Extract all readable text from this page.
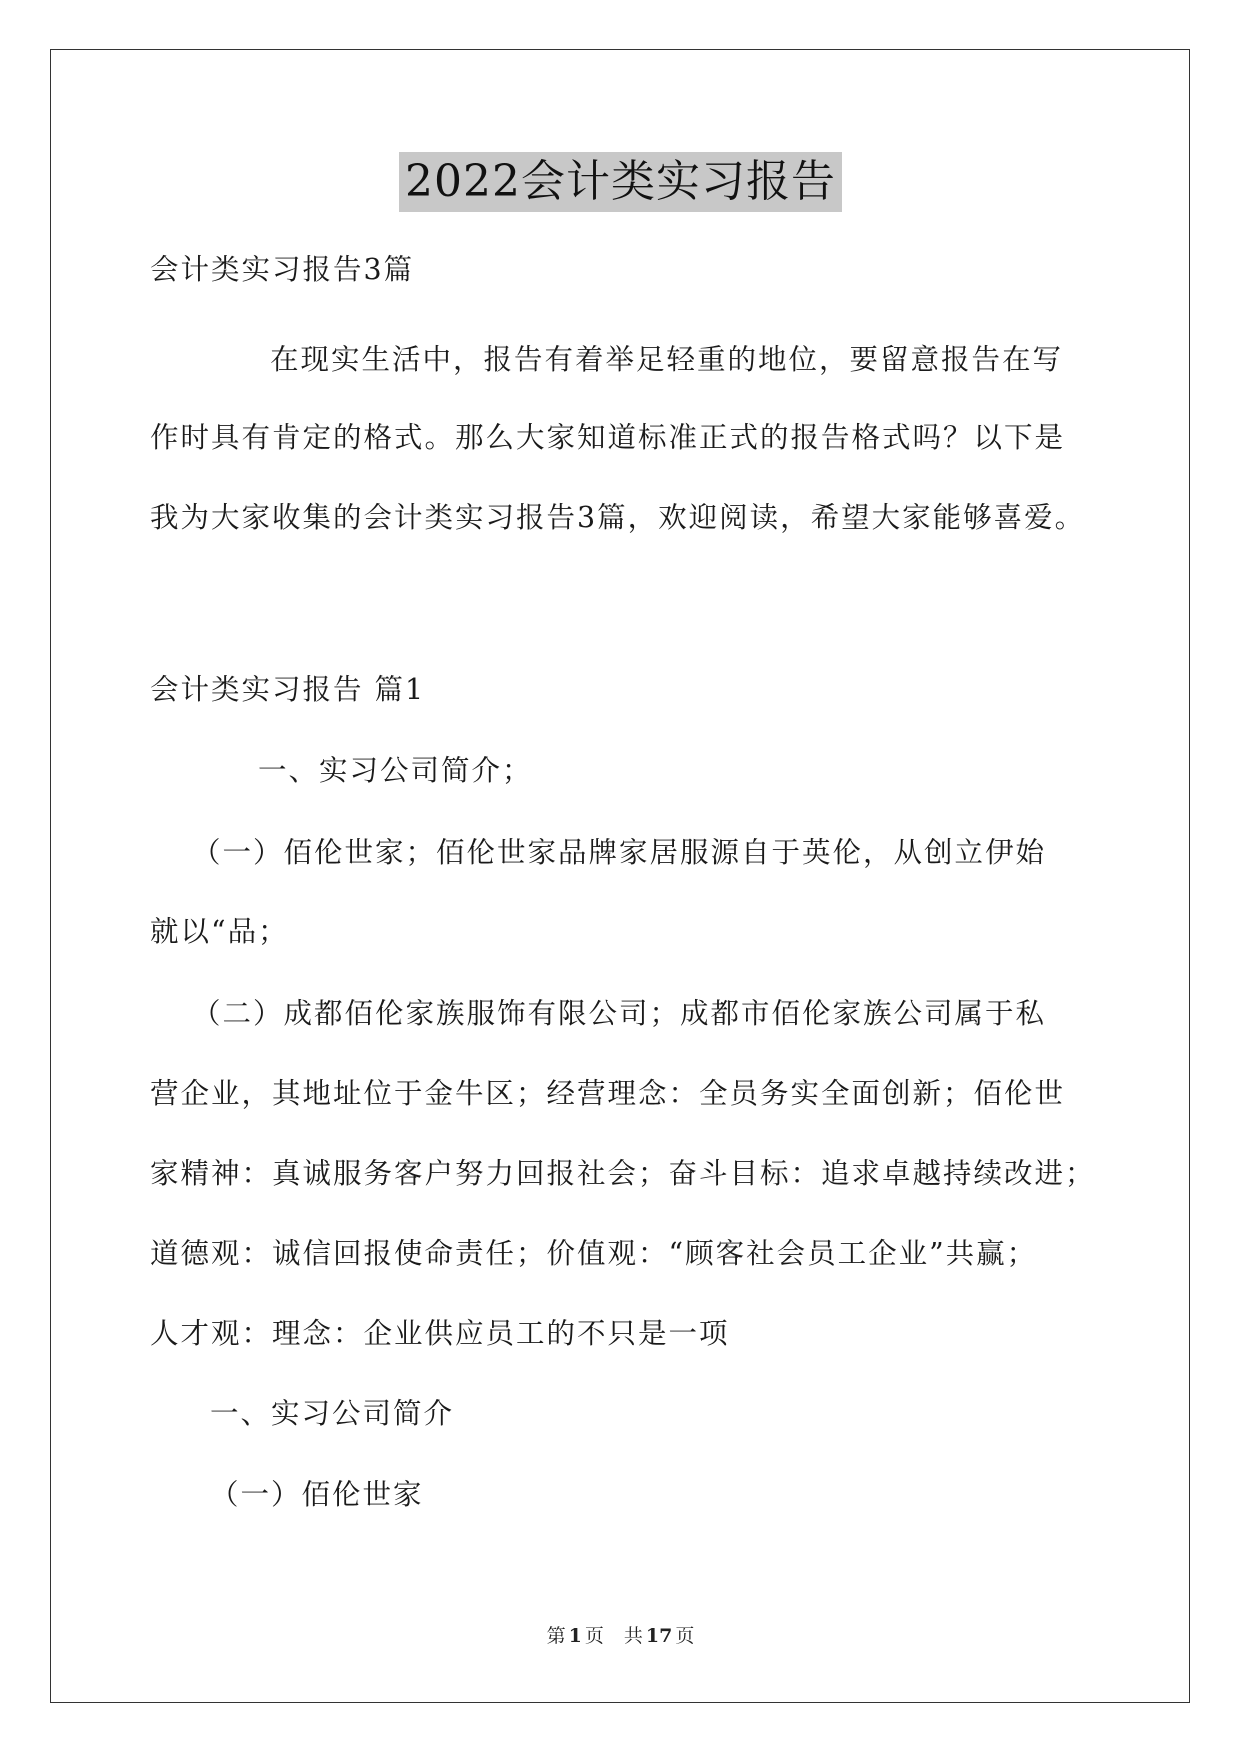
2022会计类实习报告
会计类实习报告3篇
在现实生活中，报告有着举足轻重的地位，要留意报告在写
作时具有肯定的格式。那么大家知道标准正式的报告格式吗？以下是
我为大家收集的会计类实习报告3篇，欢迎阅读，希望大家能够喜爱。
会计类实习报告 篇1
一、实习公司简介；
（一）佰伦世家；佰伦世家品牌家居服源自于英伦，从创立伊始
就以“品；
（二）成都佰伦家族服饰有限公司；成都市佰伦家族公司属于私
营企业，其地址位于金牛区；经营理念：全员务实全面创新；佰伦世
家精神：真诚服务客户努力回报社会；奋斗目标：追求卓越持续改进；
道德观：诚信回报使命责任；价值观：“顾客社会员工企业”共赢；
人才观：理念：企业供应员工的不只是一项
一、实习公司简介
（一）佰伦世家
第 1 页 共 17 页
